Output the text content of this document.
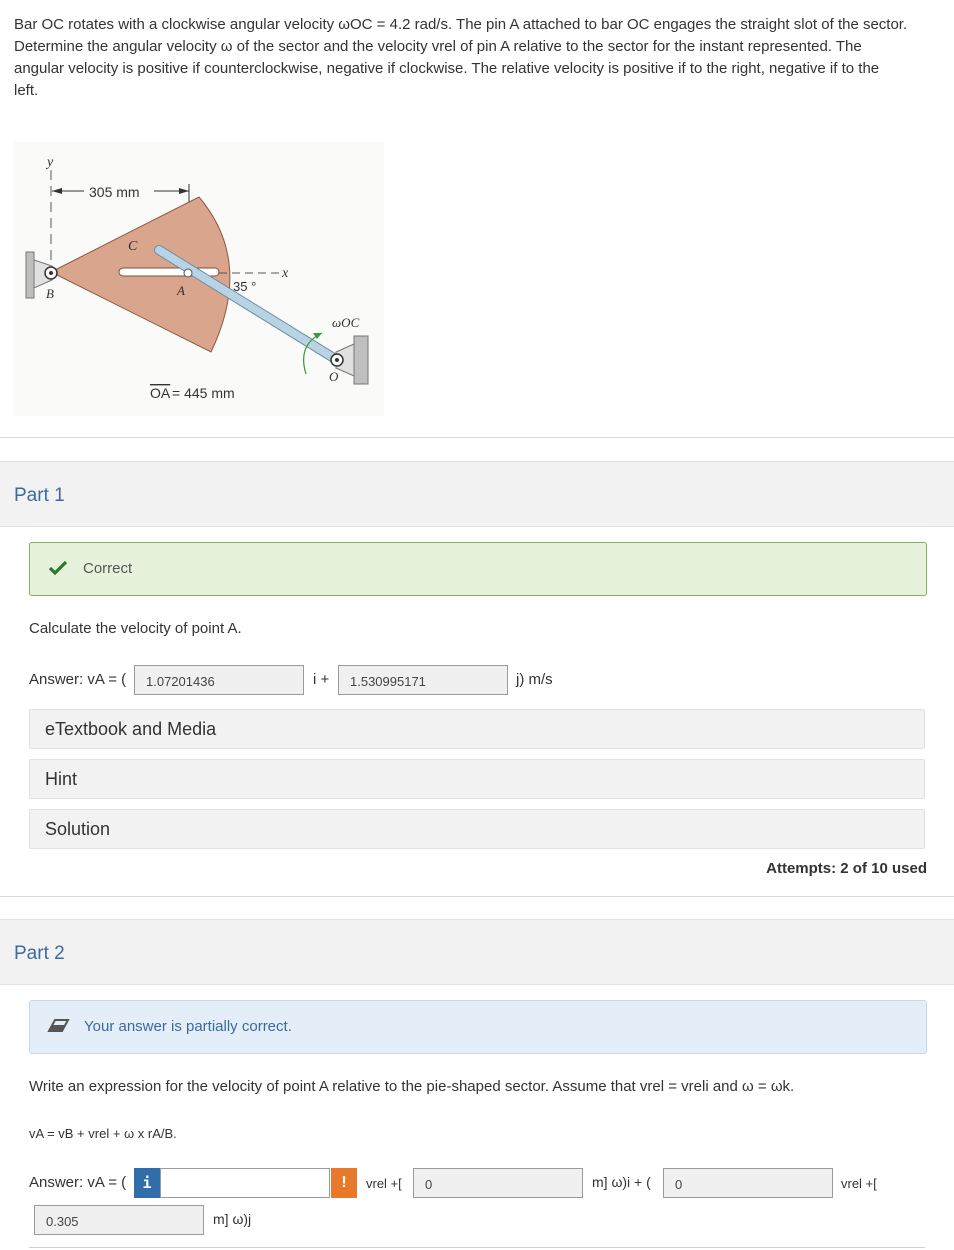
Bar OC rotates with a clockwise angular velocity ωOC = 4.2 rad/s. The pin A attached to bar OC engages the straight slot of the sector.
Determine the angular velocity ω of the sector and the velocity vrel of pin A relative to the sector for the instant represented. The
angular velocity is positive if counterclockwise, negative if clockwise. The relative velocity is positive if to the right, negative if to the
left.
y
305 mm
C
A
x
35 °
B
O
ωOC
OA = 445 mm
Part 1
Correct
Calculate the velocity of point A.
Answer: vA = (	1.07201436	i +	1.530995171	j) m/s
eTextbook and Media
Hint
Solution
Attempts: 2 of 10 used
Part 2
Your answer is partially correct.
Write an expression for the velocity of point A relative to the pie-shaped sector. Assume that vrel = vreli and ω = ωk.
vA = vB + vrel + ω x rA/B.
Answer: vA = (	i	!	vrel +[	0	m] ω)i + (	0	vrel +[
0.305	m] ω)j
